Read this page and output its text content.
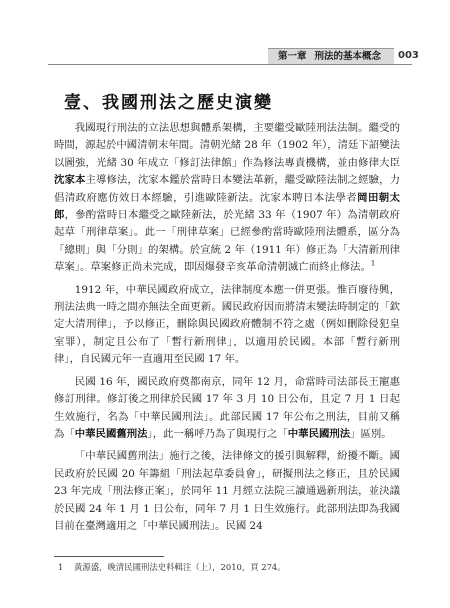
第一章 刑法的基本概念	003
壹、我國刑法之歷史演變

我國現行刑法的立法思想與體系架構，主要繼受歐陸刑法法制。繼受的時間，源起於中國清朝末年間。清朝光緒 28 年（1902 年），清廷下詔變法以圖強，光緒 30 年成立「修訂法律館」作為修法專責機構，並由修律大臣沈家本主導修法，沈家本鑑於當時日本變法革新，繼受歐陸法制之經驗，力倡清政府應仿效日本經驗，引進歐陸新法。沈家本聘日本法學者岡田朝太郎，參酌當時日本繼受之歐陸新法，於光緒 33 年（1907 年）為清朝政府起草「刑律草案」。此一「刑律草案」已經參酌當時歐陸刑法體系，區分為「總則」與「分則」的架構。於宣統 2 年（1911 年）修正為「大清新刑律草案」。草案修正尚未完成，即因爆發辛亥革命清朝滅亡而終止修法。$^1$

1912 年，中華民國政府成立，法律制度本應一併更張。惟百廢待興，刑法法典一時之間亦無法全面更新。國民政府因而將清末變法時制定的「欽定大清刑律」，予以修正，刪除與民國政府體制不符之處（例如刪除侵犯皇室罪），制定且公布了「暫行新刑律」，以適用於民國。本部「暫行新刑律」，自民國元年一直適用至民國 17 年。

民國 16 年，國民政府奠都南京，同年 12 月，命當時司法部長王寵惠修訂刑律。修訂後之刑律於民國 17 年 3 月 10 日公布，且定 7 月 1 日起生效施行，名為「中華民國刑法」。此部民國 17 年公布之刑法，目前又稱為「中華民國舊刑法」，此一稱呼乃為了與現行之「中華民國刑法」區別。

「中華民國舊刑法」施行之後，法律條文的援引與解釋，紛擾不斷。國民政府於民國 20 年籌組「刑法起草委員會」，研擬刑法之修正，且於民國 23 年完成「刑法修正案」，於同年 11 月經立法院三讀通過新刑法，並決議於民國 24 年 1 月 1 日公布，同年 7 月 1 日生效施行。此部刑法即為我國目前在臺灣適用之「中華民國刑法」。民國 24

1 黃源盛，晚清民國刑法史料輯注（上），2010，頁 274。
